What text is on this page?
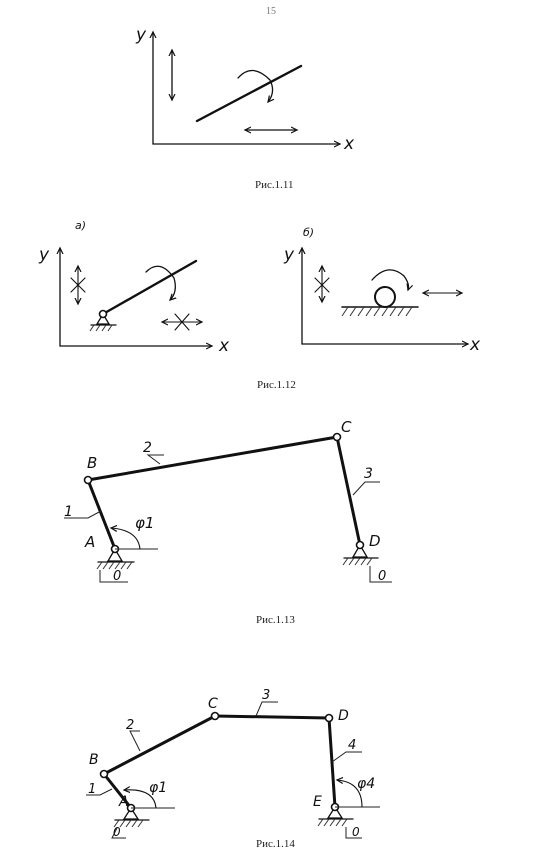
15
y
x
Рис.1.11
а)
y
x
б)
y
x
Рис.1.12
φ1
A
B
C
D
1
2
3
0	0
Рис.1.13
φ1	φ4
A
B
C
D
E
1
2
3
4
0	0
Рис.1.14
